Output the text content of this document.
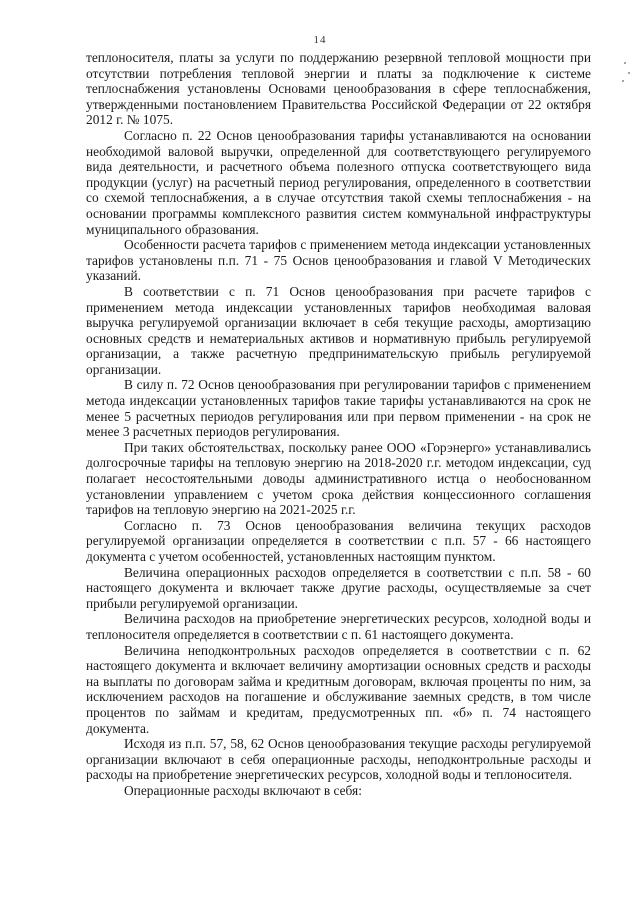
14

теплоносителя, платы за услуги по поддержанию резервной тепловой мощности при отсутствии потребления тепловой энергии и платы за подключение к системе теплоснабжения установлены Основами ценообразования в сфере теплоснабжения, утвержденными постановлением Правительства Российской Федерации от 22 октября 2012 г. № 1075.

Согласно п. 22 Основ ценообразования тарифы устанавливаются на основании необходимой валовой выручки, определенной для соответствующего регулируемого вида деятельности, и расчетного объема полезного отпуска соответствующего вида продукции (услуг) на расчетный период регулирования, определенного в соответствии со схемой теплоснабжения, а в случае отсутствия такой схемы теплоснабжения - на основании программы комплексного развития систем коммунальной инфраструктуры муниципального образования.

Особенности расчета тарифов с применением метода индексации установленных тарифов установлены п.п. 71 - 75 Основ ценообразования и главой V Методических указаний.

В соответствии с п. 71 Основ ценообразования при расчете тарифов с применением метода индексации установленных тарифов необходимая валовая выручка регулируемой организации включает в себя текущие расходы, амортизацию основных средств и нематериальных активов и нормативную прибыль регулируемой организации, а также расчетную предпринимательскую прибыль регулируемой организации.

В силу п. 72 Основ ценообразования при регулировании тарифов с применением метода индексации установленных тарифов такие тарифы устанавливаются на срок не менее 5 расчетных периодов регулирования или при первом применении - на срок не менее 3 расчетных периодов регулирования.

При таких обстоятельствах, поскольку ранее ООО «Горэнерго» устанавливались долгосрочные тарифы на тепловую энергию на 2018-2020 г.г. методом индексации, суд полагает несостоятельными доводы административного истца о необоснованном установлении управлением с учетом срока действия концессионного соглашения тарифов на тепловую энергию на 2021-2025 г.г.

Согласно п. 73 Основ ценообразования величина текущих расходов регулируемой организации определяется в соответствии с п.п. 57 - 66 настоящего документа с учетом особенностей, установленных настоящим пунктом.

Величина операционных расходов определяется в соответствии с п.п. 58 - 60 настоящего документа и включает также другие расходы, осуществляемые за счет прибыли регулируемой организации.

Величина расходов на приобретение энергетических ресурсов, холодной воды и теплоносителя определяется в соответствии с п. 61 настоящего документа.

Величина неподконтрольных расходов определяется в соответствии с п. 62 настоящего документа и включает величину амортизации основных средств и расходы на выплаты по договорам займа и кредитным договорам, включая проценты по ним, за исключением расходов на погашение и обслуживание заемных средств, в том числе процентов по займам и кредитам, предусмотренных пп. «б» п. 74 настоящего документа.

Исходя из п.п. 57, 58, 62 Основ ценообразования текущие расходы регулируемой организации включают в себя операционные расходы, неподконтрольные расходы и расходы на приобретение энергетических ресурсов, холодной воды и теплоносителя.

Операционные расходы включают в себя:
